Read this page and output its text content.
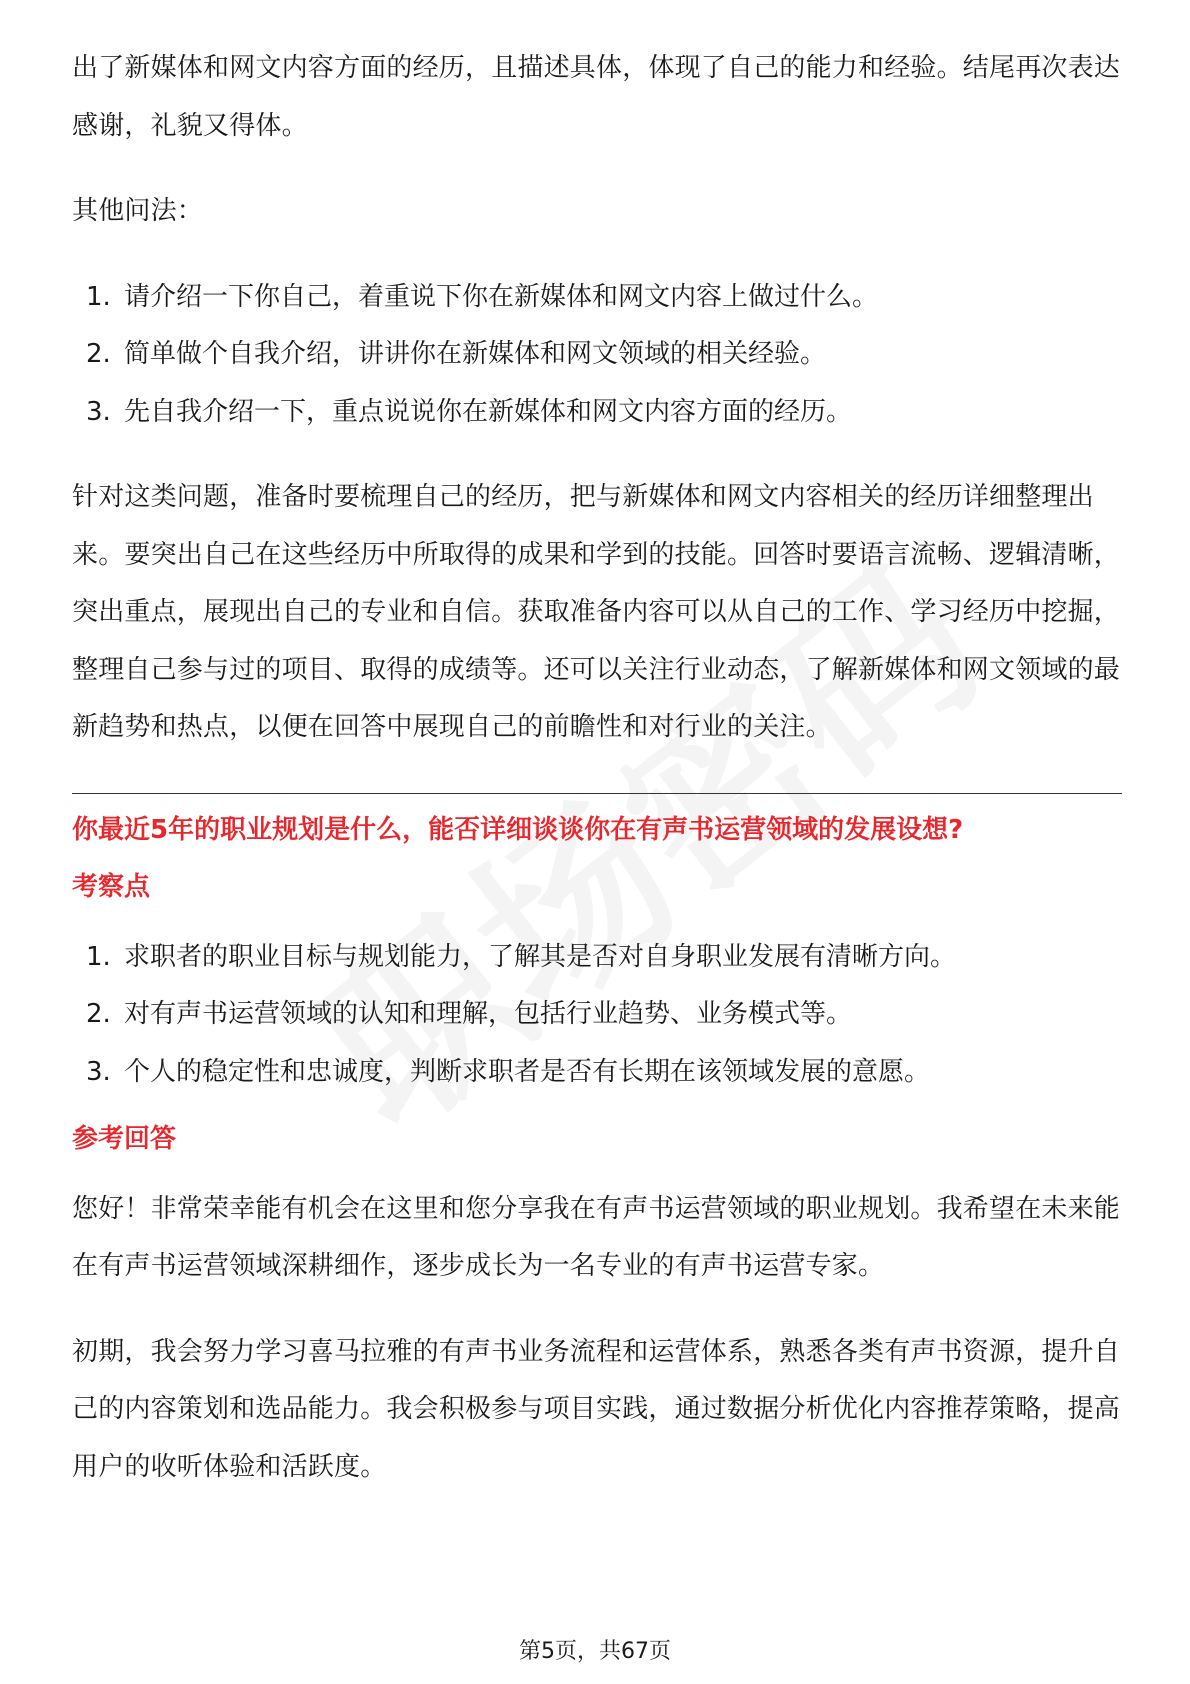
出了新媒体和网文内容方面的经历，且描述具体，体现了自己的能力和经验。结尾再次表达感谢，礼貌又得体。

其他问法：

1. 请介绍一下你自己，着重说下你在新媒体和网文内容上做过什么。
2. 简单做个自我介绍，讲讲你在新媒体和网文领域的相关经验。
3. 先自我介绍一下，重点说说你在新媒体和网文内容方面的经历。

针对这类问题，准备时要梳理自己的经历，把与新媒体和网文内容相关的经历详细整理出来。要突出自己在这些经历中所取得的成果和学到的技能。回答时要语言流畅、逻辑清晰，突出重点，展现出自己的专业和自信。获取准备内容可以从自己的工作、学习经历中挖掘，整理自己参与过的项目、取得的成绩等。还可以关注行业动态，了解新媒体和网文领域的最新趋势和热点，以便在回答中展现自己的前瞻性和对行业的关注。

你最近5年的职业规划是什么，能否详细谈谈你在有声书运营领域的发展设想?

考察点

1. 求职者的职业目标与规划能力，了解其是否对自身职业发展有清晰方向。
2. 对有声书运营领域的认知和理解，包括行业趋势、业务模式等。
3. 个人的稳定性和忠诚度，判断求职者是否有长期在该领域发展的意愿。

参考回答

您好！非常荣幸能有机会在这里和您分享我在有声书运营领域的职业规划。我希望在未来能在有声书运营领域深耕细作，逐步成长为一名专业的有声书运营专家。

初期，我会努力学习喜马拉雅的有声书业务流程和运营体系，熟悉各类有声书资源，提升自己的内容策划和选品能力。我会积极参与项目实践，通过数据分析优化内容推荐策略，提高用户的收听体验和活跃度。

第5页，共67页
